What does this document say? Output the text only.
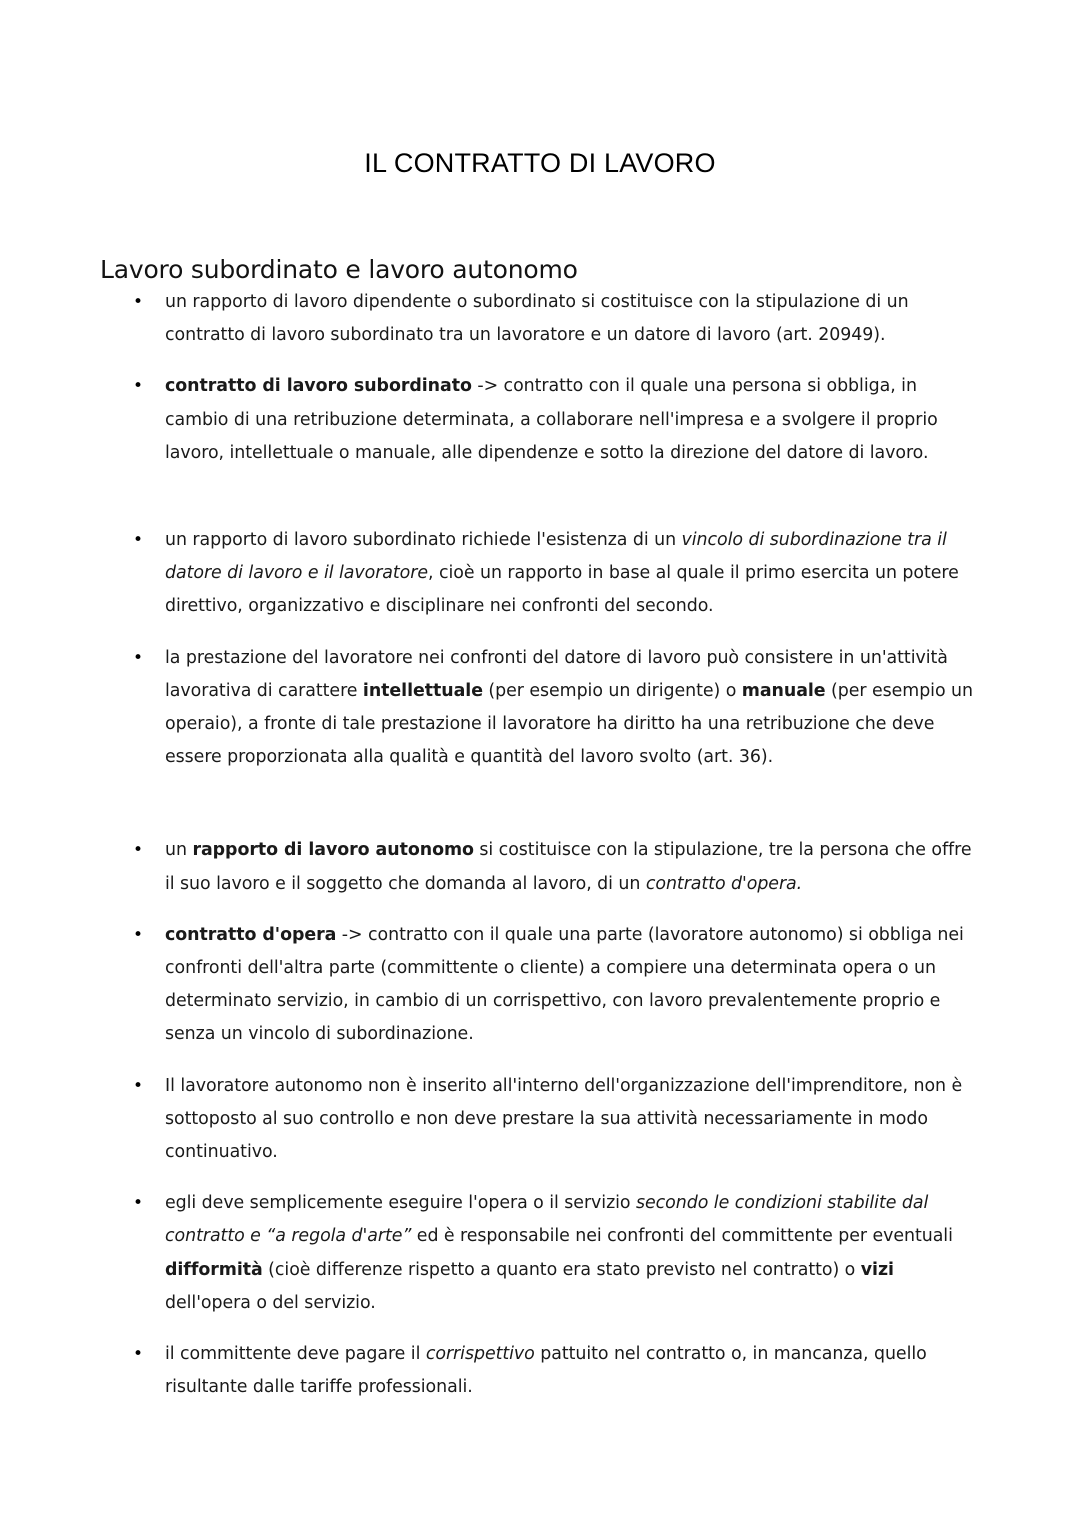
IL CONTRATTO DI LAVORO
Lavoro subordinato e lavoro autonomo
• un rapporto di lavoro dipendente o subordinato si costituisce con la stipulazione di un contratto di lavoro subordinato tra un lavoratore e un datore di lavoro (art. 20949).
• contratto di lavoro subordinato -> contratto con il quale una persona si obbliga, in cambio di una retribuzione determinata, a collaborare nell'impresa e a svolgere il proprio lavoro, intellettuale o manuale, alle dipendenze e sotto la direzione del datore di lavoro.
• un rapporto di lavoro subordinato richiede l'esistenza di un vincolo di subordinazione tra il datore di lavoro e il lavoratore, cioè un rapporto in base al quale il primo esercita un potere direttivo, organizzativo e disciplinare nei confronti del secondo.
• la prestazione del lavoratore nei confronti del datore di lavoro può consistere in un'attività lavorativa di carattere intellettuale (per esempio un dirigente) o manuale (per esempio un operaio), a fronte di tale prestazione il lavoratore ha diritto ha una retribuzione che deve essere proporzionata alla qualità e quantità del lavoro svolto (art. 36).
• un rapporto di lavoro autonomo si costituisce con la stipulazione, tre la persona che offre il suo lavoro e il soggetto che domanda al lavoro, di un contratto d'opera.
• contratto d'opera -> contratto con il quale una parte (lavoratore autonomo) si obbliga nei confronti dell'altra parte (committente o cliente) a compiere una determinata opera o un determinato servizio, in cambio di un corrispettivo, con lavoro prevalentemente proprio e senza un vincolo di subordinazione.
• Il lavoratore autonomo non è inserito all'interno dell'organizzazione dell'imprenditore, non è sottoposto al suo controllo e non deve prestare la sua attività necessariamente in modo continuativo.
• egli deve semplicemente eseguire l'opera o il servizio secondo le condizioni stabilite dal contratto e “a regola d'arte” ed è responsabile nei confronti del committente per eventuali difformità (cioè differenze rispetto a quanto era stato previsto nel contratto) o vizi dell'opera o del servizio.
• il committente deve pagare il corrispettivo pattuito nel contratto o, in mancanza, quello risultante dalle tariffe professionali.
